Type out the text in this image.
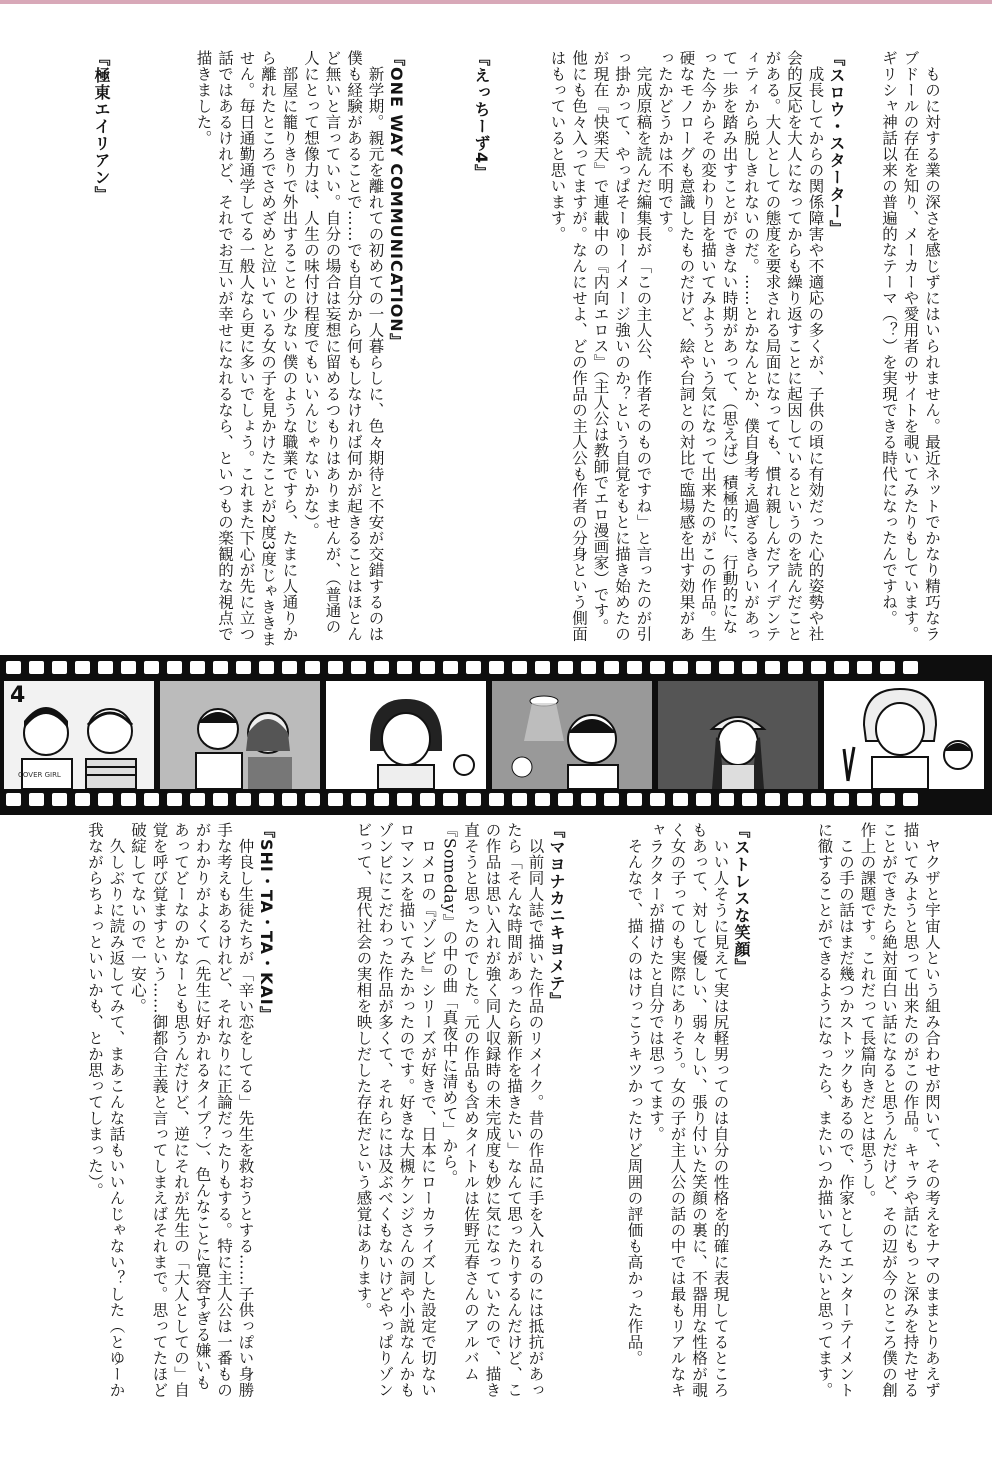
ものに対する業の深さを感じずにはいられません。最近ネットでかなり精巧なラブドールの存在を知り、メーカーや愛用者のサイトを覗いてみたりもしています。ギリシャ神話以来の普遍的なテーマ（？）を実現できる時代になったんですね。

『スロウ・スターター』

成長してからの関係障害や不適応の多くが、子供の頃に有効だった心的姿勢や社会的反応を大人になってからも繰り返すことに起因しているというのを読んだことがある。大人としての態度を要求される局面になっても、慣れ親しんだアイデンティティから脱しきれないのだ。……とかなんとか、僕自身考え過ぎるきらいがあって一歩を踏み出すことができない時期があって、（思えば）積極的に、行動的になった今からその変わり目を描いてみようという気になって出来たのがこの作品。生硬なモノローグも意識したものだけど、絵や台詞との対比で臨場感を出す効果があったかどうかは不明です。

完成原稿を読んだ編集長が「この主人公、作者そのものですね」と言ったのが引っ掛かって、やっぱそーゆーイメージ強いのか？という自覚をもとに描き始めたのが現在『快楽天』で連載中の『内向エロス』（主人公は教師でエロ漫画家）です。他にも色々入ってますが。なんにせよ、どの作品の主人公も作者の分身という側面はもっていると思います。

『えっちーず4』
『ONE WAY COMMUNICATION』

新学期。親元を離れての初めての一人暮らしに、色々期待と不安が交錯するのは僕も経験があることで……でも自分から何もしなければ何かが起きることはほとんど無いと言っていい。自分の場合は妄想に留めるつもりはありませんが、（普通の人にとって想像力は、人生の味付け程度でもいいんじゃないかな）。

部屋に籠りきりで外出することの少ない僕のような職業ですら、たまに人通りから離れたところでさめざめと泣いている女の子を見かけたことが2度3度じゃききません。毎日通勤通学してる一般人なら更に多いでしょう。これまた下心が先に立つ話ではあるけれど、それでお互いが幸せになれるなら、といつもの楽観的な視点で描きました。

『極東エイリアン』
4
COVER GIRL

ヤクザと宇宙人という組み合わせが閃いて、その考えをナマのままとりあえず描いてみようと思って出来たのがこの作品。キャラや話にもっと深みを持たせることができたら絶対面白い話になると思うんだけど、その辺が今のところ僕の創作上の課題です。これだって長篇向きだとは思うし。

この手の話はまだ幾つかストックもあるので、作家としてエンターテイメントに徹することができるようになったら、またいつか描いてみたいと思ってます。

『ストレスな笑顔』

いい人そうに見えて実は尻軽男ってのは自分の性格を的確に表現してるところもあって、対して優しい、弱々しい、張り付いた笑顔の裏に、不器用な性格が覗く女の子ってのも実際にありそう。女の子が主人公の話の中では最もリアルなキャラクターが描けたと自分では思ってます。

そんなで、描くのはけっこうキツかったけど周囲の評価も高かった作品。

『マヨナカニキヨメテ』

以前同人誌で描いた作品のリメイク。昔の作品に手を入れるのには抵抗があったら「そんな時間があったら新作を描きたい」なんて思ったりするんだけど、この作品は思い入れが強く同人収録時の未完成度も妙に気になっていたので、描き直そうと思ったのでした。元の作品も含めタイトルは佐野元春さんのアルバム『Someday』の中の曲「真夜中に清めて」から。

ロメロの『ゾンビ』シリーズが好きで、日本にローカライズした設定で切ないロマンスを描いてみたかったのです。好きな大槻ケンジさんの詞や小説なんかもゾンビにこだわった作品が多くて、それらには及ぶべくもないけどやっぱりゾンビって、現代社会の実相を映しだした存在だという感覚はあります。

『SHI・TA・TA・KAI』

仲良し生徒たちが「辛い恋をしてる」先生を救おうとする……子供っぽい身勝手な考えもあるけれど、それなりに正論だったりもする。特に主人公は一番ものがわかりがよくて（先生に好かれるタイプ？）、色んなことに寛容すぎる嫌いもあってどーなのかなーとも思うんだけど、逆にそれが先生の「大人としての」自覚を呼び覚ますという……御都合主義と言ってしまえばそれまで。思ってたほど破綻してないので一安心。

久しぶりに読み返してみて、まあこんな話もいいんじゃない？した（とゆーか我ながらちょっといいかも、とか思ってしまった）。
